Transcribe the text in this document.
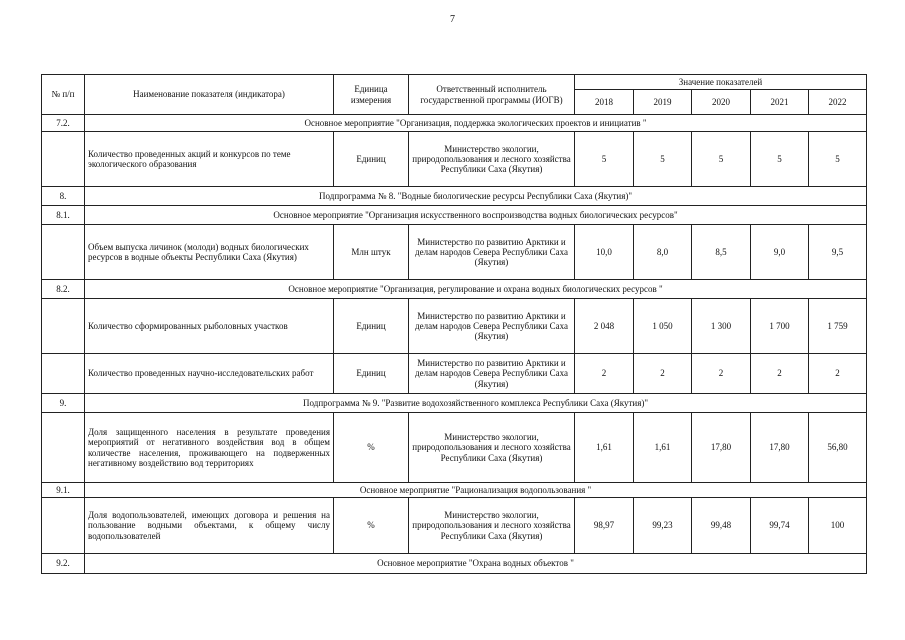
7
№ п/п	Наименование показателя (индикатора)	Единица измерения	Ответственный исполнитель государственной программы (ИОГВ)	Значение показателей				
				2018	2019	2020	2021	2022
7.2.	Основное мероприятие "Организация, поддержка экологических проектов и инициатив "							
	Количество проведенных акций и конкурсов по теме экологического образования	Единиц	Министерство экологии, природопользования и лесного хозяйства Республики Саха (Якутия)	5	5	5	5	5
8.	Подпрограмма № 8. "Водные биологические ресурсы Республики Саха (Якутия)"							
8.1.	Основное мероприятие "Организация искусственного воспроизводства водных биологических ресурсов"							
	Объем выпуска личинок (молоди) водных биологических ресурсов в водные объекты Республики Саха (Якутия)	Млн штук	Министерство по развитию Арктики и делам народов Севера Республики Саха (Якутия)	10,0	8,0	8,5	9,0	9,5
8.2.	Основное мероприятие "Организация, регулирование и охрана водных биологических ресурсов "							
	Количество сформированных рыболовных участков	Единиц	Министерство по развитию Арктики и делам народов Севера Республики Саха (Якутия)	2 048	1 050	1 300	1 700	1 759
	Количество проведенных научно-исследовательских работ	Единиц	Министерство по развитию Арктики и делам народов Севера Республики Саха (Якутия)	2	2	2	2	2
9.	Подпрограмма № 9. "Развитие водохозяйственного комплекса Республики Саха (Якутия)"							
	Доля защищенного населения в результате проведения мероприятий от негативного воздействия вод в общем количестве населения, проживающего на подверженных негативному воздействию вод территориях	%	Министерство экологии, природопользования и лесного хозяйства Республики Саха (Якутия)	1,61	1,61	17,80	17,80	56,80
9.1.	Основное мероприятие "Рационализация водопользования "							
	Доля водопользователей, имеющих договора и решения на пользование водными объектами, к общему числу водопользователей	%	Министерство экологии, природопользования и лесного хозяйства Республики Саха (Якутия)	98,97	99,23	99,48	99,74	100
9.2.	Основное мероприятие "Охрана водных объектов "							
